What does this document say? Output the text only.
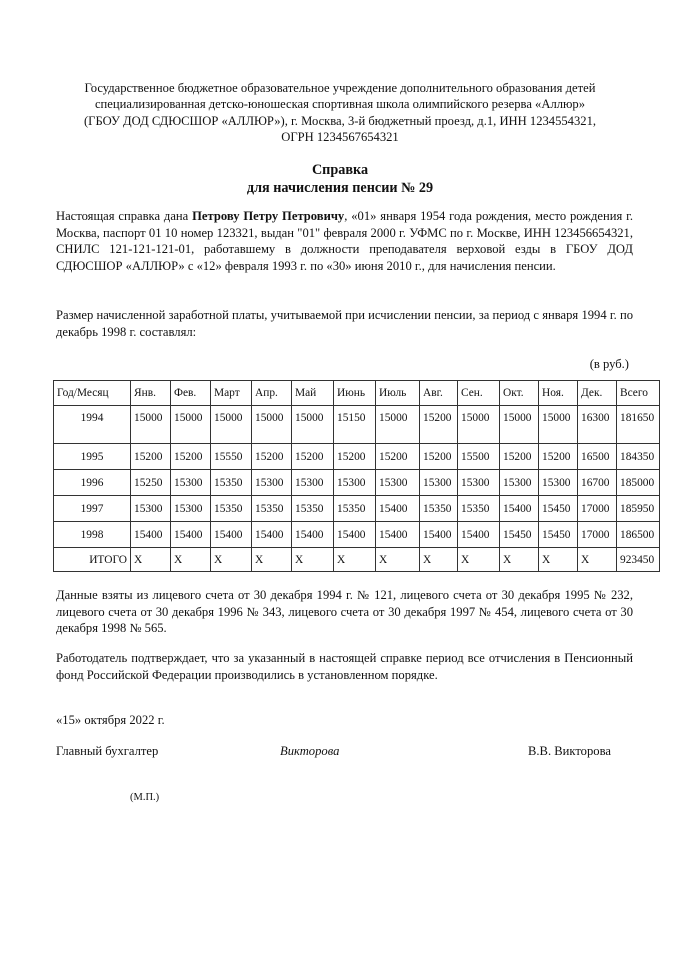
Государственное бюджетное образовательное учреждение дополнительного образования детей
специализированная детско-юношеская спортивная школа олимпийского резерва «Аллюр»
(ГБОУ ДОД СДЮСШОР «АЛЛЮР»), г. Москва, 3-й бюджетный проезд, д.1, ИНН 1234554321,
ОГРН 1234567654321
Справка
для начисления пенсии № 29
Настоящая справка дана Петрову Петру Петровичу, «01» января 1954 года рождения, место рождения г. Москва, паспорт 01 10 номер 123321, выдан "01" февраля 2000 г. УФМС по г. Москве, ИНН 123456654321, СНИЛС 121-121-121-01, работавшему в должности преподавателя верховой езды в ГБОУ ДОД СДЮСШОР «АЛЛЮР» с «12» февраля 1993 г. по «30» июня 2010 г., для начисления пенсии.
Размер начисленной заработной платы, учитываемой при исчислении пенсии, за период с января 1994 г. по декабрь 1998 г. составлял:
(в руб.)
Год/Месяц	Янв.	Фев.	Март	Апр.	Май	Июнь	Июль	Авг.	Сен.	Окт.	Ноя.	Дек.	Всего
1994	15000	15000	15000	15000	15000	15150	15000	15200	15000	15000	15000	16300	181650
1995	15200	15200	15550	15200	15200	15200	15200	15200	15500	15200	15200	16500	184350
1996	15250	15300	15350	15300	15300	15300	15300	15300	15300	15300	15300	16700	185000
1997	15300	15300	15350	15350	15350	15350	15400	15350	15350	15400	15450	17000	185950
1998	15400	15400	15400	15400	15400	15400	15400	15400	15400	15450	15450	17000	186500
ИТОГО	X	X	X	X	X	X	X	X	X	X	X	X	923450
Данные взяты из лицевого счета от 30 декабря 1994 г. № 121, лицевого счета от 30 декабря 1995 № 232, лицевого счета от 30 декабря 1996 № 343, лицевого счета от 30 декабря 1997 № 454, лицевого счета от 30 декабря 1998 № 565.
Работодатель подтверждает, что за указанный в настоящей справке период все отчисления в Пенсионный фонд Российской Федерации производились в установленном порядке.
«15» октября 2022 г.
Главный бухгалтер	Викторова	В.В. Викторова
(М.П.)
